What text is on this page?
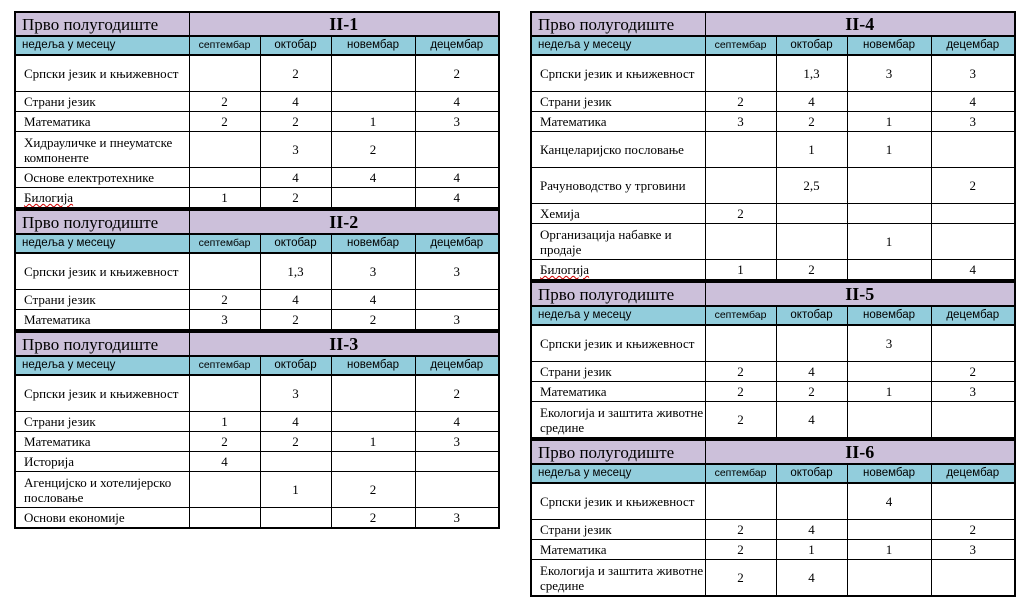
Прво полугодиште	II-1			
недеља у месецу	септембар	октобар	новембар	децембар
Српски језик и књижевност		2		2
Страни језик	2	4		4
Математика	2	2	1	3
Хидрауличке и пнеуматске компоненте		3	2	
Основе електротехнике		4	4	4
Билогија	1	2		4
Прво полугодиште	II-2			
недеља у месецу	септембар	октобар	новембар	децембар
Српски језик и књижевност		1,3	3	3
Страни језик	2	4	4	
Математика	3	2	2	3
Прво полугодиште	II-3			
недеља у месецу	септембар	октобар	новембар	децембар
Српски језик и књижевност		3		2
Страни језик	1	4		4
Математика	2	2	1	3
Историја	4			
Агенцијско и хотелијерско пословање		1	2	
Основи економије			2	3
Прво полугодиште	II-4			
недеља у месецу	септембар	октобар	новембар	децембар
Српски језик и књижевност		1,3	3	3
Страни језик	2	4		4
Математика	3	2	1	3
Канцеларијско пословање		1	1	
Рачуноводство у трговини		2,5		2
Хемија	2			
Организација набавке и продаје			1	
Билогија	1	2		4
Прво полугодиште	II-5			
недеља у месецу	септембар	октобар	новембар	децембар
Српски језик и књижевност			3	
Страни језик	2	4		2
Математика	2	2	1	3
Екологија и заштита животне средине	2	4		
Прво полугодиште	II-6			
недеља у месецу	септембар	октобар	новембар	децембар
Српски језик и књижевност			4	
Страни језик	2	4		2
Математика	2	1	1	3
Екологија и заштита животне средине	2	4		
